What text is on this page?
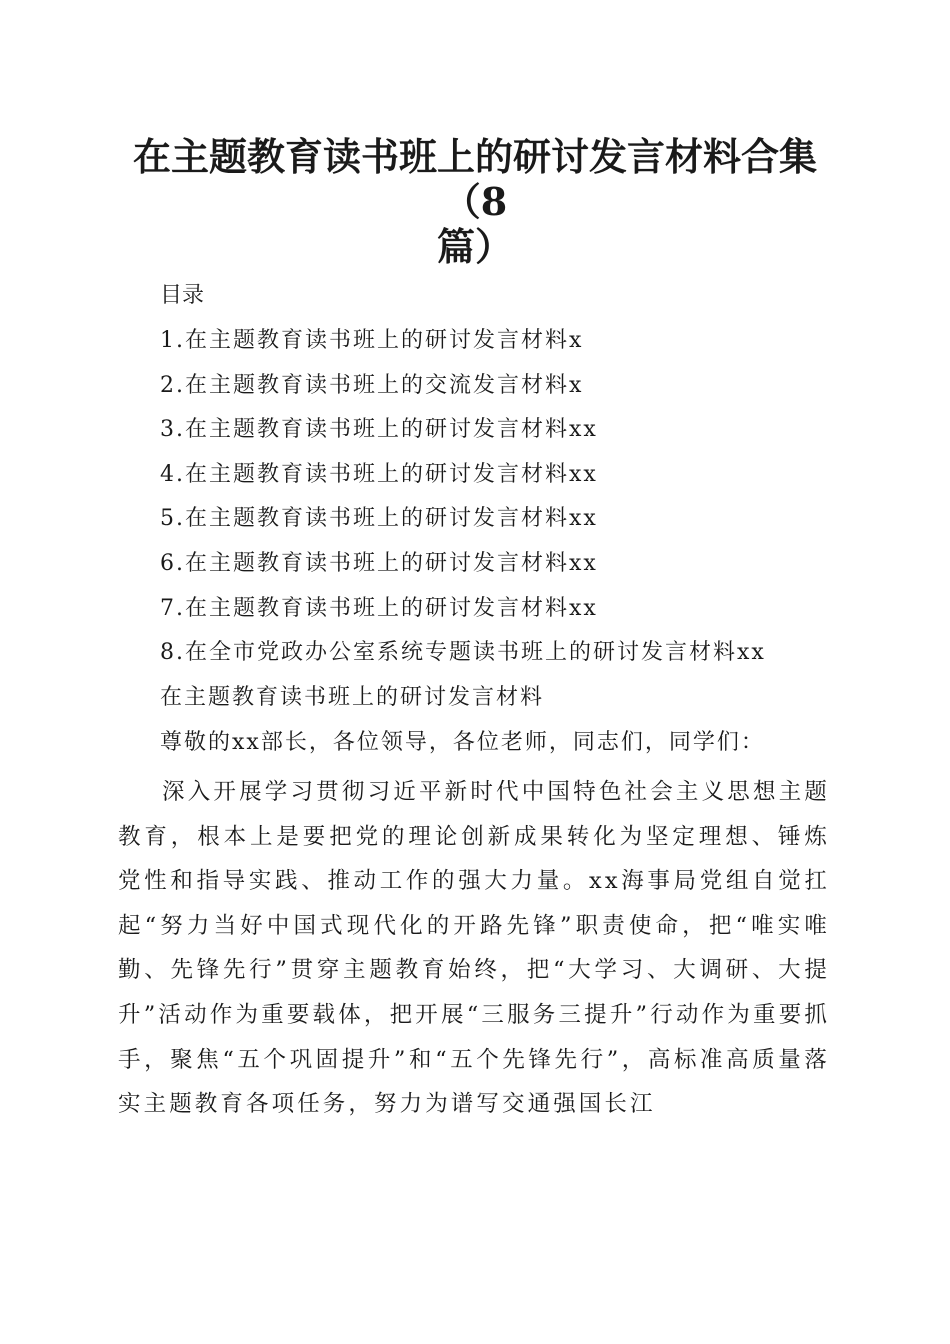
在主题教育读书班上的研讨发言材料合集（8
篇）
目录
1.在主题教育读书班上的研讨发言材料x
2.在主题教育读书班上的交流发言材料x
3.在主题教育读书班上的研讨发言材料xx
4.在主题教育读书班上的研讨发言材料xx
5.在主题教育读书班上的研讨发言材料xx
6.在主题教育读书班上的研讨发言材料xx
7.在主题教育读书班上的研讨发言材料xx
8.在全市党政办公室系统专题读书班上的研讨发言材料xx
在主题教育读书班上的研讨发言材料
尊敬的xx部长，各位领导，各位老师，同志们，同学们：

深入开展学习贯彻习近平新时代中国特色社会主义思想主题教育，根本上是要把党的理论创新成果转化为坚定理想、锤炼党性和指导实践、推动工作的强大力量。xx海事局党组自觉扛起“努力当好中国式现代化的开路先锋”职责使命，把“唯实唯勤、先锋先行”贯穿主题教育始终，把“大学习、大调研、大提升”活动作为重要载体，把开展“三服务三提升”行动作为重要抓手，聚焦“五个巩固提升”和“五个先锋先行”，高标准高质量落实主题教育各项任务，努力为谱写交通强国长江
